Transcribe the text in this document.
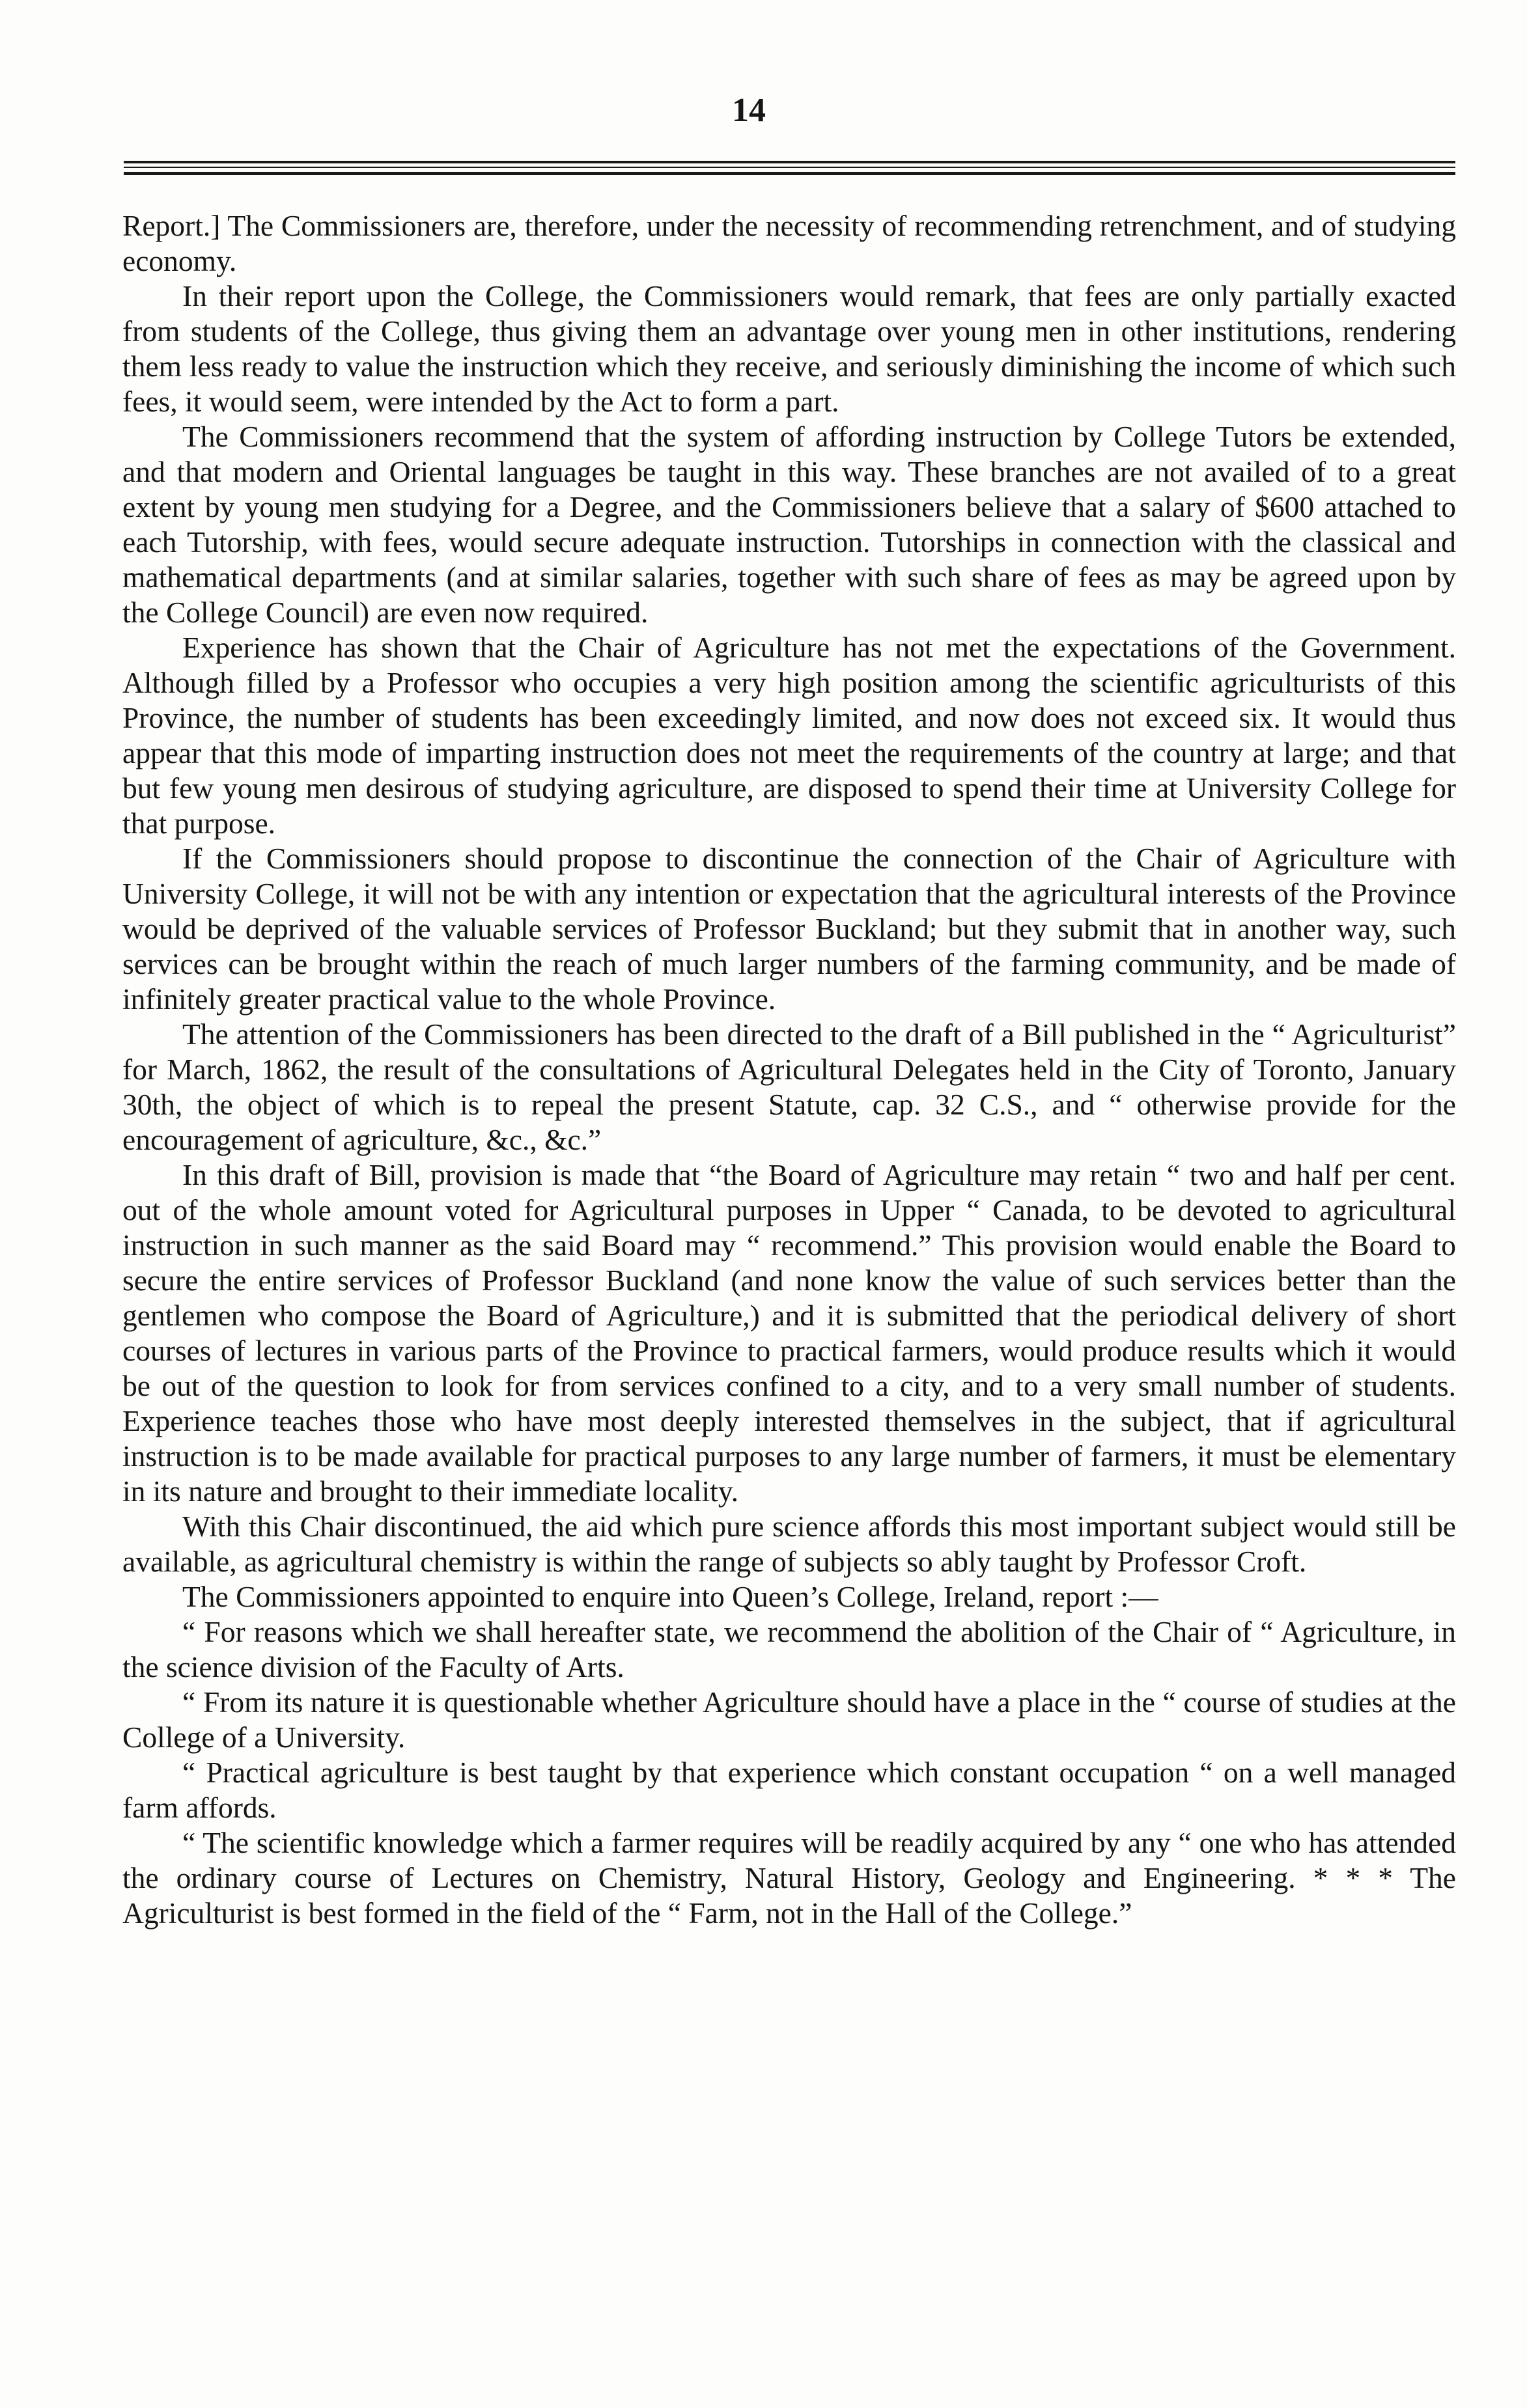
14

Report.] The Commissioners are, therefore, under the necessity of recommending retrenchment, and of studying economy.

In their report upon the College, the Commissioners would remark, that fees are only partially exacted from students of the College, thus giving them an advantage over young men in other institutions, rendering them less ready to value the instruction which they receive, and seriously diminishing the income of which such fees, it would seem, were intended by the Act to form a part.

The Commissioners recommend that the system of affording instruction by College Tutors be extended, and that modern and Oriental languages be taught in this way. These branches are not availed of to a great extent by young men studying for a Degree, and the Commissioners believe that a salary of $600 attached to each Tutorship, with fees, would secure adequate instruction. Tutorships in connection with the classical and mathematical departments (and at similar salaries, together with such share of fees as may be agreed upon by the College Council) are even now required.

Experience has shown that the Chair of Agriculture has not met the expectations of the Government. Although filled by a Professor who occupies a very high position among the scientific agriculturists of this Province, the number of students has been exceedingly limited, and now does not exceed six. It would thus appear that this mode of imparting instruction does not meet the requirements of the country at large; and that but few young men desirous of studying agriculture, are disposed to spend their time at University College for that purpose.

If the Commissioners should propose to discontinue the connection of the Chair of Agriculture with University College, it will not be with any intention or expectation that the agricultural interests of the Province would be deprived of the valuable services of Professor Buckland; but they submit that in another way, such services can be brought within the reach of much larger numbers of the farming community, and be made of infinitely greater practical value to the whole Province.

The attention of the Commissioners has been directed to the draft of a Bill published in the “ Agriculturist” for March, 1862, the result of the consultations of Agricultural Delegates held in the City of Toronto, January 30th, the object of which is to repeal the present Statute, cap. 32 C.S., and “ otherwise provide for the encouragement of agriculture, &c., &c.”

In this draft of Bill, provision is made that “the Board of Agriculture may retain “ two and half per cent. out of the whole amount voted for Agricultural purposes in Upper “ Canada, to be devoted to agricultural instruction in such manner as the said Board may “ recommend.” This provision would enable the Board to secure the entire services of Professor Buckland (and none know the value of such services better than the gentlemen who compose the Board of Agriculture,) and it is submitted that the periodical delivery of short courses of lectures in various parts of the Province to practical farmers, would produce results which it would be out of the question to look for from services confined to a city, and to a very small number of students. Experience teaches those who have most deeply interested themselves in the subject, that if agricultural instruction is to be made available for practical purposes to any large number of farmers, it must be elementary in its nature and brought to their immediate locality.

With this Chair discontinued, the aid which pure science affords this most important subject would still be available, as agricultural chemistry is within the range of subjects so ably taught by Professor Croft.

The Commissioners appointed to enquire into Queen’s College, Ireland, report :—

“ For reasons which we shall hereafter state, we recommend the abolition of the Chair of “ Agriculture, in the science division of the Faculty of Arts.

“ From its nature it is questionable whether Agriculture should have a place in the “ course of studies at the College of a University.

“ Practical agriculture is best taught by that experience which constant occupation “ on a well managed farm affords.

“ The scientific knowledge which a farmer requires will be readily acquired by any “ one who has attended the ordinary course of Lectures on Chemistry, Natural History, Geology and Engineering. * * * The Agriculturist is best formed in the field of the “ Farm, not in the Hall of the College.”
